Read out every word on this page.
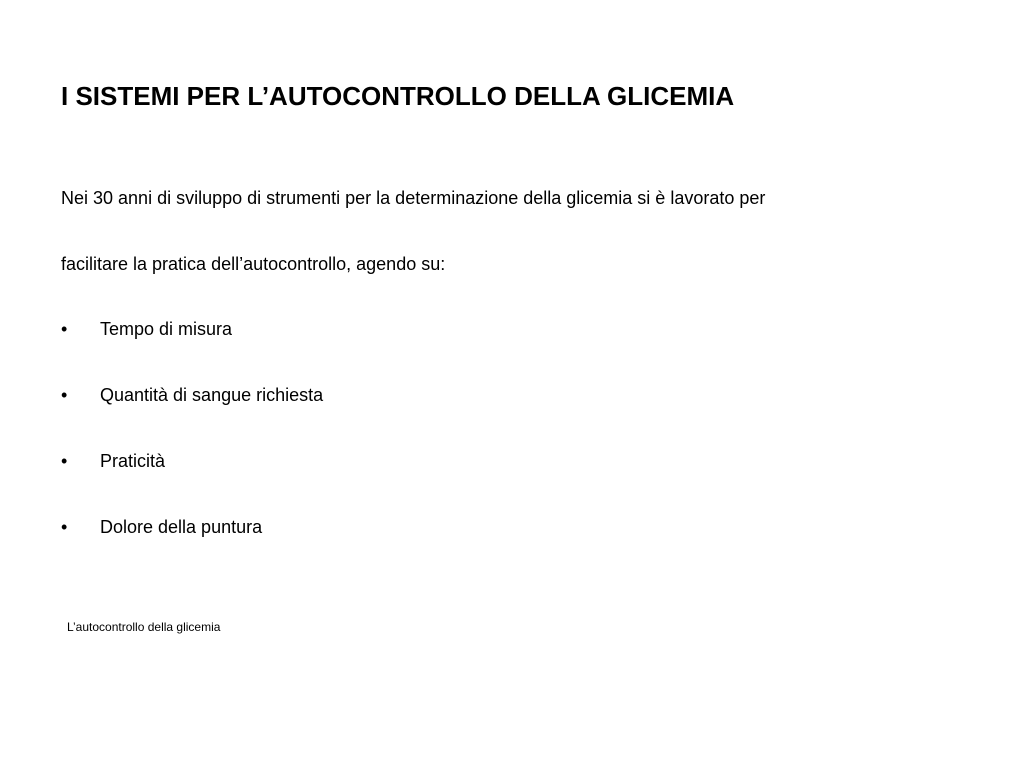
I SISTEMI PER L’AUTOCONTROLLO DELLA GLICEMIA

Nei 30 anni di sviluppo di strumenti per la determinazione della glicemia si è lavorato per

facilitare la pratica dell’autocontrollo, agendo su:

•	Tempo di misura
•	Quantità di sangue richiesta
•	Praticità
•	Dolore della puntura

L’autocontrollo della glicemia
